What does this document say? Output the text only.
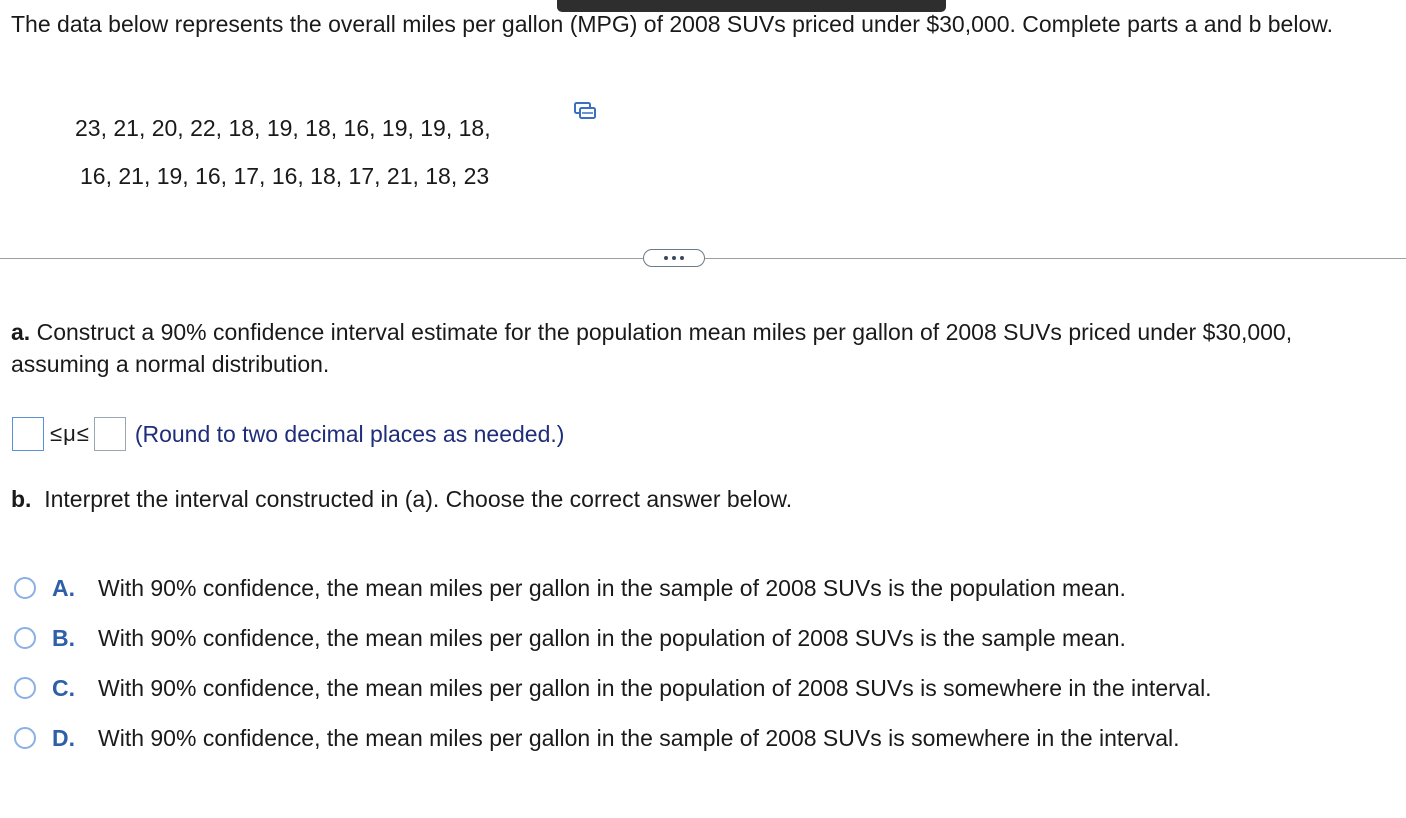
The data below represents the overall miles per gallon (MPG) of 2008 SUVs priced under $30,000. Complete parts a and b below.

23, 21, 20, 22, 18, 19, 18, 16, 19, 19, 18,
16, 21, 19, 16, 17, 16, 18, 17, 21, 18, 23

a. Construct a 90% confidence interval estimate for the population mean miles per gallon of 2008 SUVs priced under $30,000, assuming a normal distribution.

≤μ≤ (Round to two decimal places as needed.)

b. Interpret the interval constructed in (a). Choose the correct answer below.

A.	With 90% confidence, the mean miles per gallon in the sample of 2008 SUVs is the population mean.
B.	With 90% confidence, the mean miles per gallon in the population of 2008 SUVs is the sample mean.
C.	With 90% confidence, the mean miles per gallon in the population of 2008 SUVs is somewhere in the interval.
D.	With 90% confidence, the mean miles per gallon in the sample of 2008 SUVs is somewhere in the interval.
